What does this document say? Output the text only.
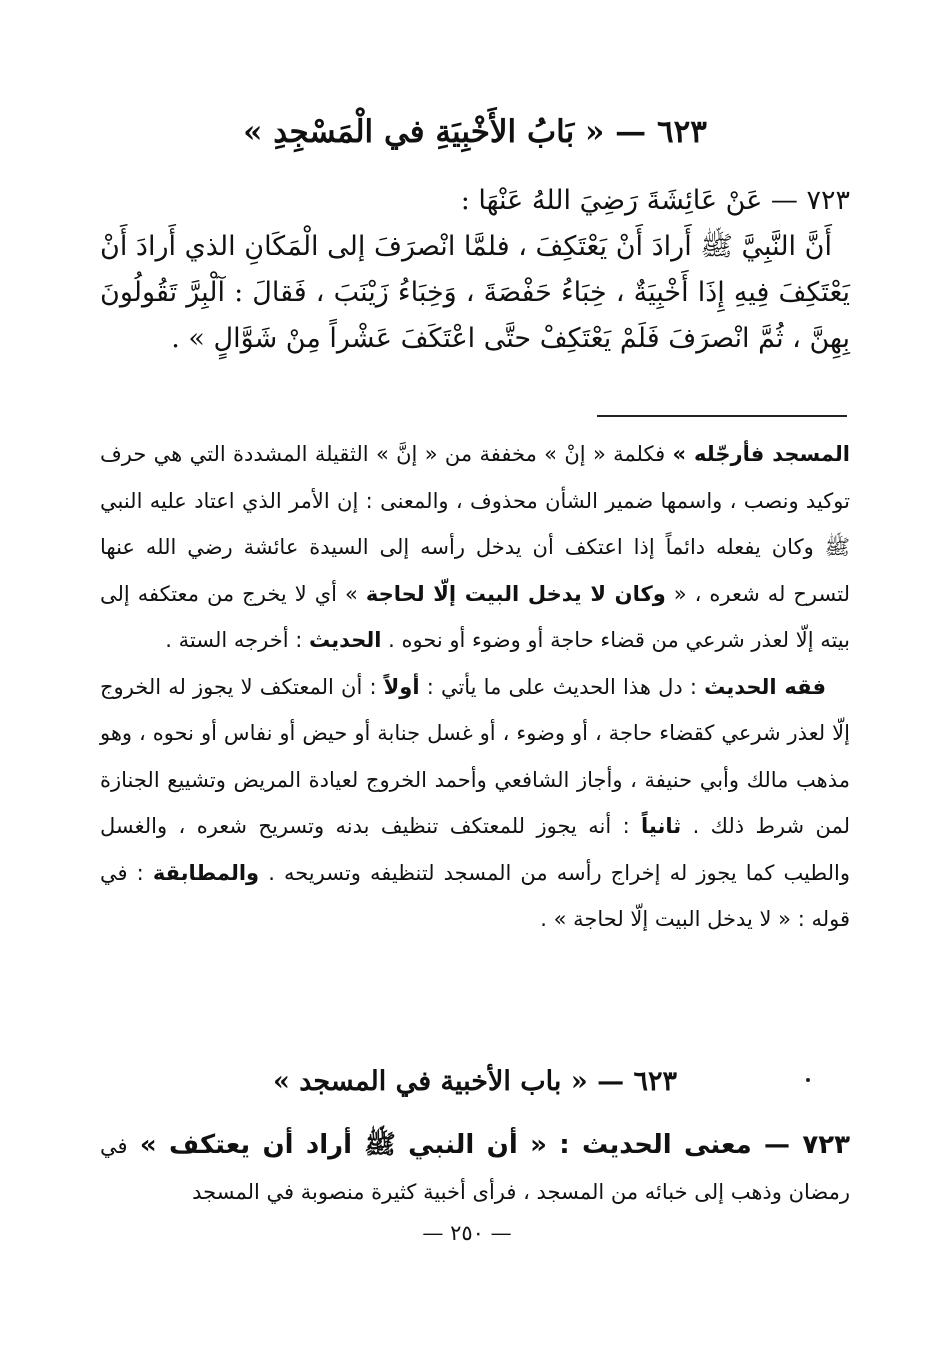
٦٢٣ — « بَابُ الأَخْبِيَةِ في الْمَسْجِدِ »

٧٢٣ — عَنْ عَائِشَةَ رَضِيَ اللهُ عَنْهَا :

أَنَّ النَّبِيَّ ﷺ أَرادَ أَنْ يَعْتَكِفَ ، فلمَّا انْصرَفَ إلى الْمَكَانِ الذي أَرادَ أَنْ يَعْتَكِفَ فِيهِ إِذَا أَخْبِيَةٌ ، خِبَاءُ حَفْصَةَ ، وَخِبَاءُ زَيْنَبَ ، فَقالَ : آلْبِرَّ تَقُولُونَ بِهِنَّ ، ثُمَّ انْصرَفَ فَلَمْ يَعْتَكِفْ حتَّى اعْتَكَفَ عَشْراً مِنْ شَوَّالٍ » .

المسجد فأرجّله » فكلمة « إنْ » مخففة من « إنَّ » الثقيلة المشددة التي هي حرف توكيد ونصب ، واسمها ضمير الشأن محذوف ، والمعنى : إن الأمر الذي اعتاد عليه النبي ﷺ وكان يفعله دائماً إذا اعتكف أن يدخل رأسه إلى السيدة عائشة رضي الله عنها لتسرح له شعره ، « وكان لا يدخل البيت إلّا لحاجة » أي لا يخرج من معتكفه إلى بيته إلّا لعذر شرعي من قضاء حاجة أو وضوء أو نحوه . الحديث : أخرجه الستة .

فقه الحديث : دل هذا الحديث على ما يأتي : أولاً : أن المعتكف لا يجوز له الخروج إلّا لعذر شرعي كقضاء حاجة ، أو وضوء ، أو غسل جنابة أو حيض أو نفاس أو نحوه ، وهو مذهب مالك وأبي حنيفة ، وأجاز الشافعي وأحمد الخروج لعيادة المريض وتشييع الجنازة لمن شرط ذلك . ثانياً : أنه يجوز للمعتكف تنظيف بدنه وتسريح شعره ، والغسل والطيب كما يجوز له إخراج رأسه من المسجد لتنظيفه وتسريحه . والمطابقة : في قوله : « لا يدخل البيت إلّا لحاجة » .

٦٢٣ — « باب الأخبية في المسجد »

٧٢٣ — معنى الحديث : « أن النبي ﷺ أراد أن يعتكف » في رمضان وذهب إلى خبائه من المسجد ، فرأى أخبية كثيرة منصوبة في المسجد

— ٢٥٠ —
